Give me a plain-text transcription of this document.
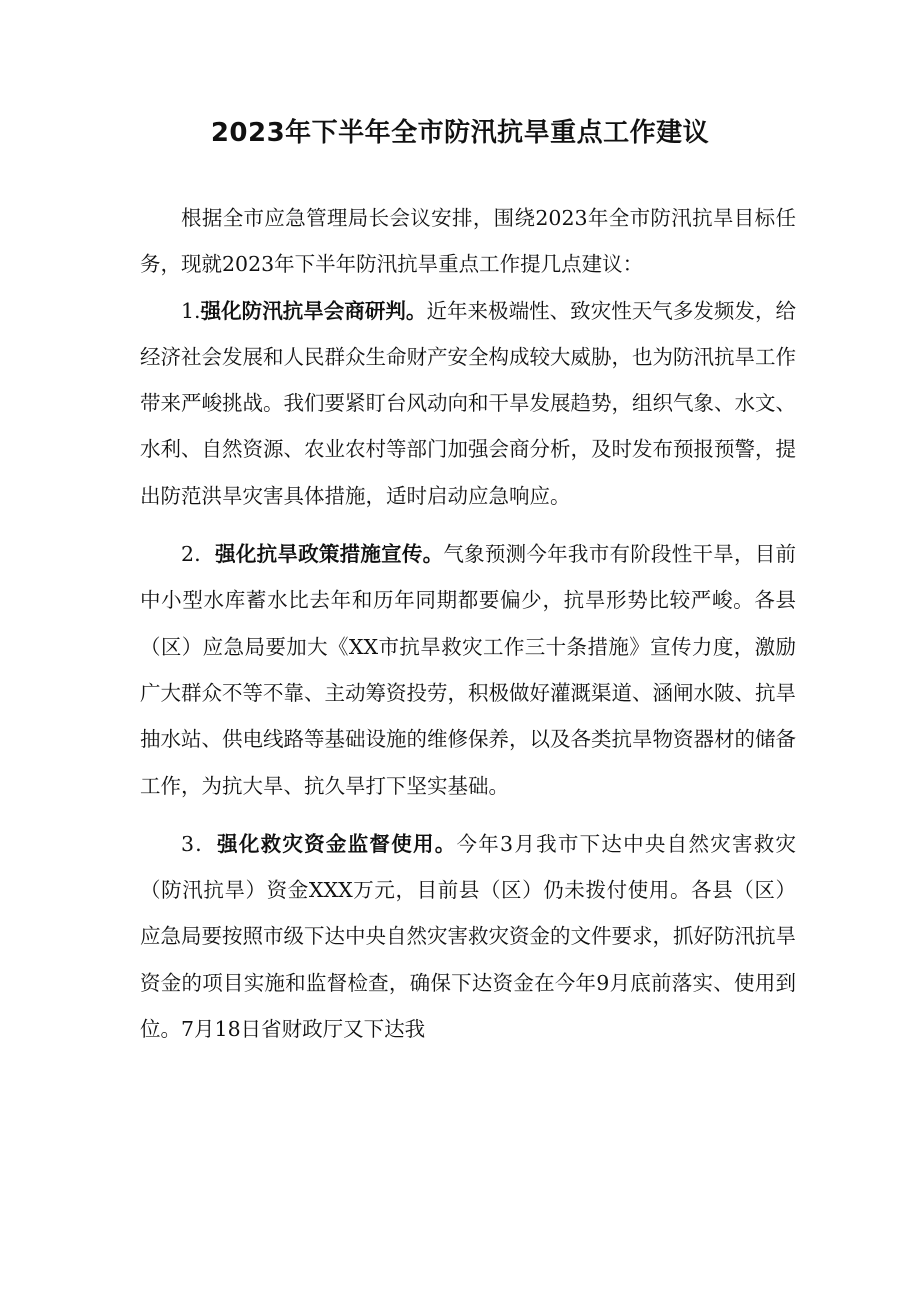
2023年下半年全市防汛抗旱重点工作建议

根据全市应急管理局长会议安排，围绕2023年全市防汛抗旱目标任务，现就2023年下半年防汛抗旱重点工作提几点建议：

1.强化防汛抗旱会商研判。近年来极端性、致灾性天气多发频发，给经济社会发展和人民群众生命财产安全构成较大威胁，也为防汛抗旱工作带来严峻挑战。我们要紧盯台风动向和干旱发展趋势，组织气象、水文、水利、自然资源、农业农村等部门加强会商分析，及时发布预报预警，提出防范洪旱灾害具体措施，适时启动应急响应。

2．强化抗旱政策措施宣传。气象预测今年我市有阶段性干旱，目前中小型水库蓄水比去年和历年同期都要偏少，抗旱形势比较严峻。各县（区）应急局要加大《XX市抗旱救灾工作三十条措施》宣传力度，激励广大群众不等不靠、主动筹资投劳，积极做好灌溉渠道、涵闸水陂、抗旱抽水站、供电线路等基础设施的维修保养，以及各类抗旱物资器材的储备工作，为抗大旱、抗久旱打下坚实基础。

3．强化救灾资金监督使用。今年3月我市下达中央自然灾害救灾（防汛抗旱）资金XXX万元，目前县（区）仍未拨付使用。各县（区）应急局要按照市级下达中央自然灾害救灾资金的文件要求，抓好防汛抗旱资金的项目实施和监督检查，确保下达资金在今年9月底前落实、使用到位。7月18日省财政厅又下达我
